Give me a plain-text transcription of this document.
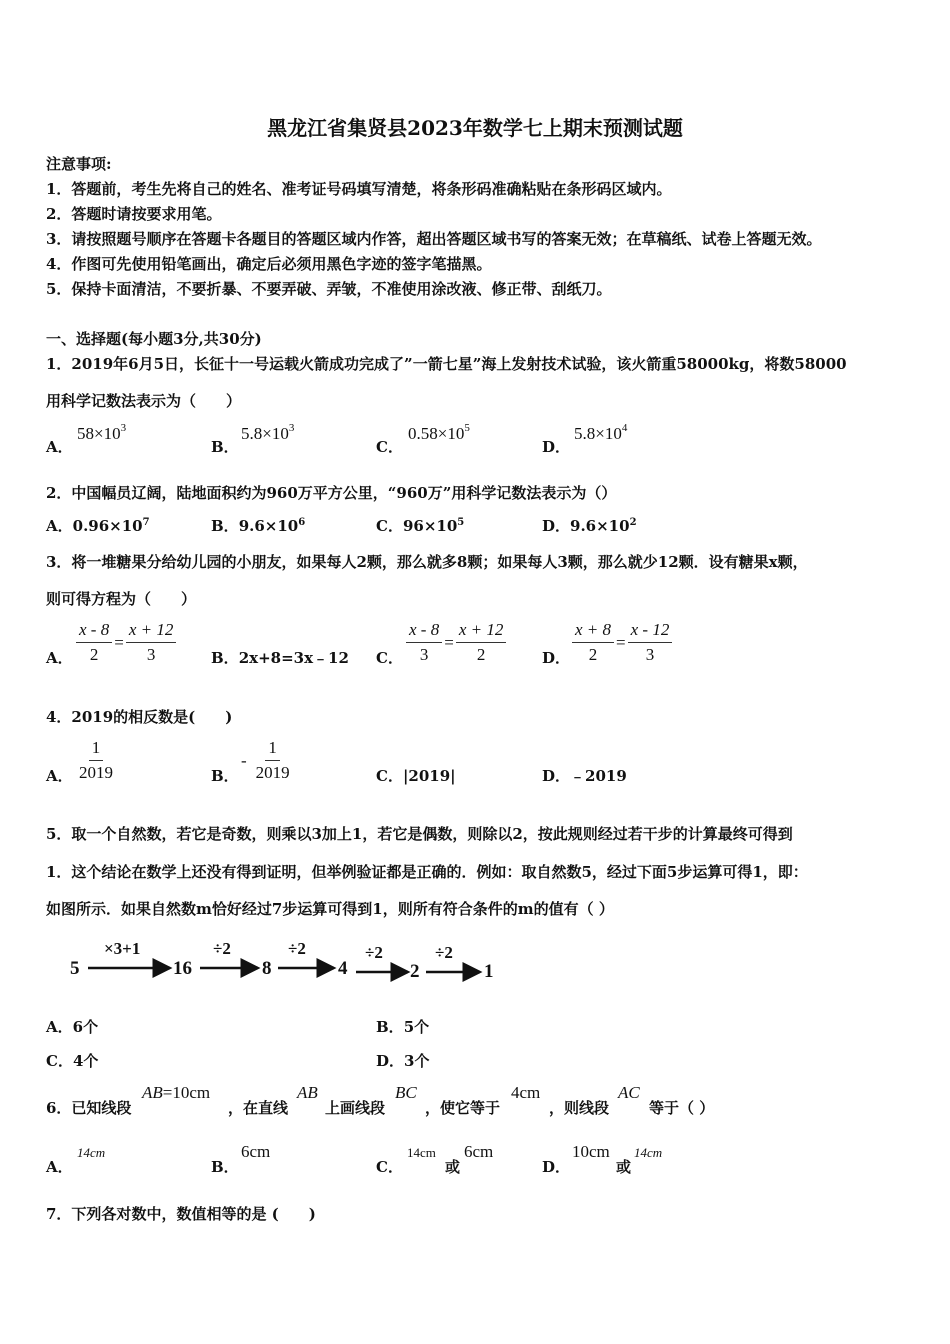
黑龙江省集贤县2023年数学七上期末预测试题
注意事项:
1．答题前，考生先将自己的姓名、准考证号码填写清楚，将条形码准确粘贴在条形码区域内。
2．答题时请按要求用笔。
3．请按照题号顺序在答题卡各题目的答题区域内作答，超出答题区域书写的答案无效；在草稿纸、试卷上答题无效。
4．作图可先使用铅笔画出，确定后必须用黑色字迹的签字笔描黑。
5．保持卡面清洁，不要折暴、不要弄破、弄皱，不准使用涂改液、修正带、刮纸刀。
一、选择题(每小题3分,共30分)
1．2019年6月5日，长征十一号运载火箭成功完成了”一箭七星”海上发射技术试验，该火箭重58000kg，将数58000
用科学记数法表示为（　　）
A．
$58\times 10^3$
B．
$5.8\times 10^3$
C．
$0.58\times 10^5$
D．
$5.8\times 10^4$
2．中国幅员辽阔，陆地面积约为960万平方公里，“960万”用科学记数法表示为（）
A．$0.96\times 10^7$	B．$9.6\times 10^6$	C．$96\times 10^5$	D．$9.6\times 10^2$
3．将一堆糖果分给幼儿园的小朋友，如果每人2颗，那么就多8颗；如果每人3颗，那么就少12颗．设有糖果x颗，
则可得方程为（　　）
A． $\frac{x - 8}{2} = \frac{x + 12}{3}$ B．2x+8=3x﹣12 C． $\frac{x - 8}{3} = \frac{x + 12}{2}$ D． $\frac{x + 8}{2} = \frac{x - 12}{3}$
4．2019的相反数是(　　)
A． $\frac{1}{2019}$	B．
- $\frac{1}{2019}$	C．|2019|	D．﹣2019
5．取一个自然数，若它是奇数，则乘以3加上1，若它是偶数，则除以2，按此规则经过若干步的计算最终可得到
1．这个结论在数学上还没有得到证明，但举例验证都是正确的．例如：取自然数5，经过下面5步运算可得1，即：
如图所示．如果自然数m恰好经过7步运算可得到1，则所有符合条件的m的值有（ ）
5
×3+1
16
÷2
8
÷2
4
÷2
2
÷2
1
A．6个	B．5个
C．4个	D．3个
6．已知线段
AB=10cm
，在直线
AB
上画线段
BC
，使它等于
4cm
，则线段
AC
等于（ ）
A．
14cm
B．
6cm
C．
14cm
或
6cm
D．
10cm
或
14cm
7．下列各对数中，数值相等的是 (　　)
